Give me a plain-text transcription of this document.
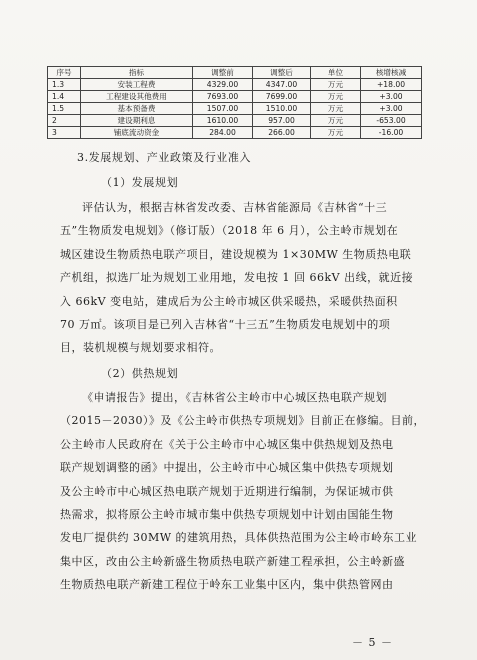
序号	指标	调整前	调整后	单位	核增核减
1.3	安装工程费	4329.00	4347.00	万元	+18.00
1.4	工程建设其他费用	7693.00	7699.00	万元	+3.00
1.5	基本预备费	1507.00	1510.00	万元	+3.00
2	建设期利息	1610.00	957.00	万元	-653.00
3	铺底流动资金	284.00	266.00	万元	-16.00
3.发展规划、产业政策及行业准入
（1）发展规划
评估认为，根据吉林省发改委、吉林省能源局《吉林省“十三
五”生物质发电规划》（修订版）（2018 年 6 月），公主岭市规划在
城区建设生物质热电联产项目，建设规模为 1×30MW 生物质热电联
产机组，拟选厂址为规划工业用地，发电按 1 回 66kV 出线，就近接
入 66kV 变电站，建成后为公主岭市城区供采暖热，采暖供热面积
70 万㎡。该项目是已列入吉林省“十三五”生物质发电规划中的项
目，装机规模与规划要求相符。
（2）供热规划
《申请报告》提出，《吉林省公主岭市中心城区热电联产规划
（2015－2030）》及《公主岭市供热专项规划》目前正在修编。目前，
公主岭市人民政府在《关于公主岭市中心城区集中供热规划及热电
联产规划调整的函》中提出，公主岭市中心城区集中供热专项规划
及公主岭市中心城区热电联产规划于近期进行编制，为保证城市供
热需求，拟将原公主岭市城市集中供热专项规划中计划由国能生物
发电厂提供约 30MW 的建筑用热，具体供热范围为公主岭市岭东工业
集中区，改由公主岭新盛生物质热电联产新建工程承担，公主岭新盛
生物质热电联产新建工程位于岭东工业集中区内，集中供热管网由
－ 5 －
